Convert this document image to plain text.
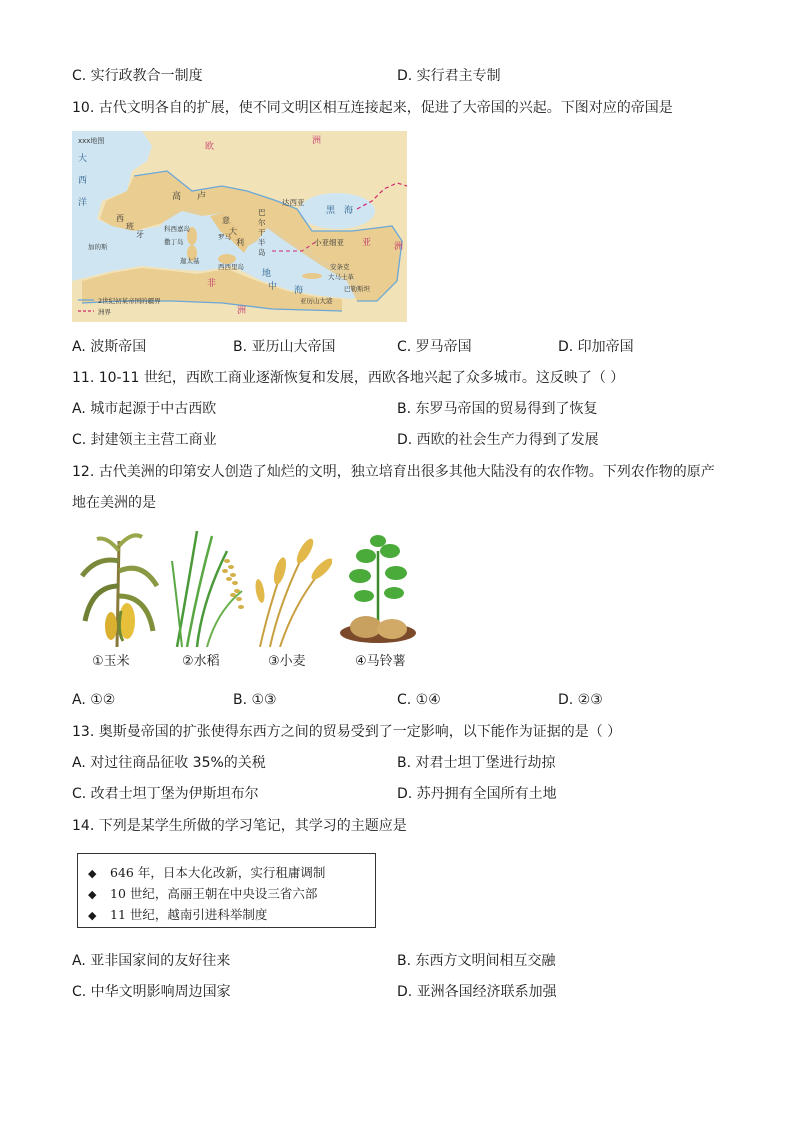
C. 实行政教合一制度	D. 实行君主专制
10. 古代文明各自的扩展，使不同文明区相互连接起来，促进了大帝国的兴起。下图对应的帝国是
xxx地图
大
西
洋
欧
洲
高 卢
西
班
牙
意
大
利
巴
尔
干
半
岛
达西亚
黑 海
小亚细亚 亚	洲
地
中 海
非
洲
科西嘉岛
撒丁岛
西西里岛
迦太基
加的斯
罗马
安条克
大马士革
亚历山大港
巴勒斯坦
2世纪初某帝国的疆界
洲界
A. 波斯帝国	B. 亚历山大帝国	C. 罗马帝国	D. 印加帝国
11. 10-11 世纪，西欧工商业逐渐恢复和发展，西欧各地兴起了众多城市。这反映了（ ）
A. 城市起源于中古西欧	B. 东罗马帝国的贸易得到了恢复
C. 封建领主主营工商业	D. 西欧的社会生产力得到了发展
12. 古代美洲的印第安人创造了灿烂的文明，独立培育出很多其他大陆没有的农作物。下列农作物的原产
地在美洲的是
①玉米	②水稻	③小麦	④马铃薯
A. ①②	B. ①③	C. ①④	D. ②③
13. 奥斯曼帝国的扩张使得东西方之间的贸易受到了一定影响，以下能作为证据的是（ ）
A. 对过往商品征收 35%的关税	B. 对君士坦丁堡进行劫掠
C. 改君士坦丁堡为伊斯坦布尔	D. 苏丹拥有全国所有土地
14. 下列是某学生所做的学习笔记，其学习的主题应是
◆ 646 年，日本大化改新，实行租庸调制
◆ 10 世纪，高丽王朝在中央设三省六部
◆ 11 世纪，越南引进科举制度
A. 亚非国家间的友好往来	B. 东西方文明间相互交融
C. 中华文明影响周边国家	D. 亚洲各国经济联系加强
